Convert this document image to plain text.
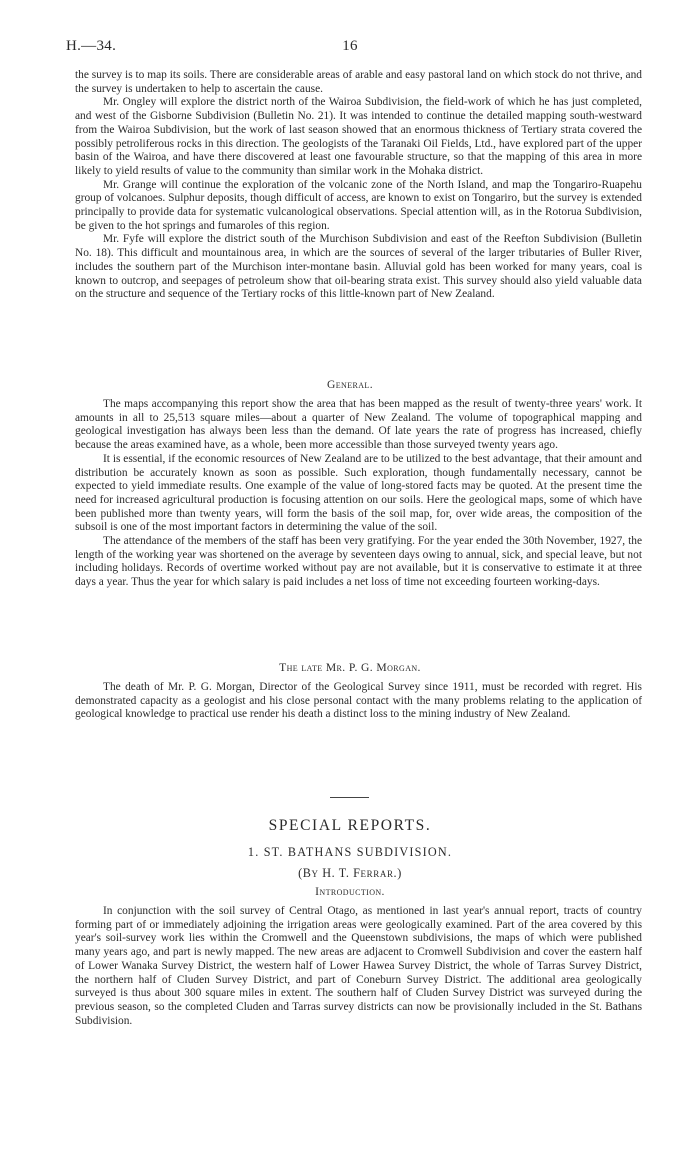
H.—34.	16

the survey is to map its soils. There are considerable areas of arable and easy pastoral land on which stock do not thrive, and the survey is undertaken to help to ascertain the cause.

Mr. Ongley will explore the district north of the Wairoa Subdivision, the field-work of which he has just completed, and west of the Gisborne Subdivision (Bulletin No. 21). It was intended to continue the detailed mapping south-westward from the Wairoa Subdivision, but the work of last season showed that an enormous thickness of Tertiary strata covered the possibly petroliferous rocks in this direction. The geologists of the Taranaki Oil Fields, Ltd., have explored part of the upper basin of the Wairoa, and have there discovered at least one favourable structure, so that the mapping of this area in more likely to yield results of value to the community than similar work in the Mohaka district.

Mr. Grange will continue the exploration of the volcanic zone of the North Island, and map the Tongariro-Ruapehu group of volcanoes. Sulphur deposits, though difficult of access, are known to exist on Tongariro, but the survey is extended principally to provide data for systematic vulcanological observations. Special attention will, as in the Rotorua Subdivision, be given to the hot springs and fumaroles of this region.

Mr. Fyfe will explore the district south of the Murchison Subdivision and east of the Reefton Subdivision (Bulletin No. 18). This difficult and mountainous area, in which are the sources of several of the larger tributaries of Buller River, includes the southern part of the Murchison inter-montane basin. Alluvial gold has been worked for many years, coal is known to outcrop, and seepages of petroleum show that oil-bearing strata exist. This survey should also yield valuable data on the structure and sequence of the Tertiary rocks of this little-known part of New Zealand.

General.

The maps accompanying this report show the area that has been mapped as the result of twenty-three years' work. It amounts in all to 25,513 square miles—about a quarter of New Zealand. The volume of topographical mapping and geological investigation has always been less than the demand. Of late years the rate of progress has increased, chiefly because the areas examined have, as a whole, been more accessible than those surveyed twenty years ago.

It is essential, if the economic resources of New Zealand are to be utilized to the best advantage, that their amount and distribution be accurately known as soon as possible. Such exploration, though fundamentally necessary, cannot be expected to yield immediate results. One example of the value of long-stored facts may be quoted. At the present time the need for increased agricultural production is focusing attention on our soils. Here the geological maps, some of which have been published more than twenty years, will form the basis of the soil map, for, over wide areas, the composition of the subsoil is one of the most important factors in determining the value of the soil.

The attendance of the members of the staff has been very gratifying. For the year ended the 30th November, 1927, the length of the working year was shortened on the average by seventeen days owing to annual, sick, and special leave, but not including holidays. Records of overtime worked without pay are not available, but it is conservative to estimate it at three days a year. Thus the year for which salary is paid includes a net loss of time not exceeding fourteen working-days.

The late Mr. P. G. Morgan.

The death of Mr. P. G. Morgan, Director of the Geological Survey since 1911, must be recorded with regret. His demonstrated capacity as a geologist and his close personal contact with the many problems relating to the application of geological knowledge to practical use render his death a distinct loss to the mining industry of New Zealand.

SPECIAL REPORTS.
1. ST. BATHANS SUBDIVISION.
(By H. T. Ferrar.)
Introduction.

In conjunction with the soil survey of Central Otago, as mentioned in last year's annual report, tracts of country forming part of or immediately adjoining the irrigation areas were geologically examined. Part of the area covered by this year's soil-survey work lies within the Cromwell and the Queenstown subdivisions, the maps of which were published many years ago, and part is newly mapped. The new areas are adjacent to Cromwell Subdivision and cover the eastern half of Lower Wanaka Survey District, the western half of Lower Hawea Survey District, the whole of Tarras Survey District, the northern half of Cluden Survey District, and part of Coneburn Survey District. The additional area geologically surveyed is thus about 300 square miles in extent. The southern half of Cluden Survey District was surveyed during the previous season, so the completed Cluden and Tarras survey districts can now be provisionally included in the St. Bathans Subdivision.
